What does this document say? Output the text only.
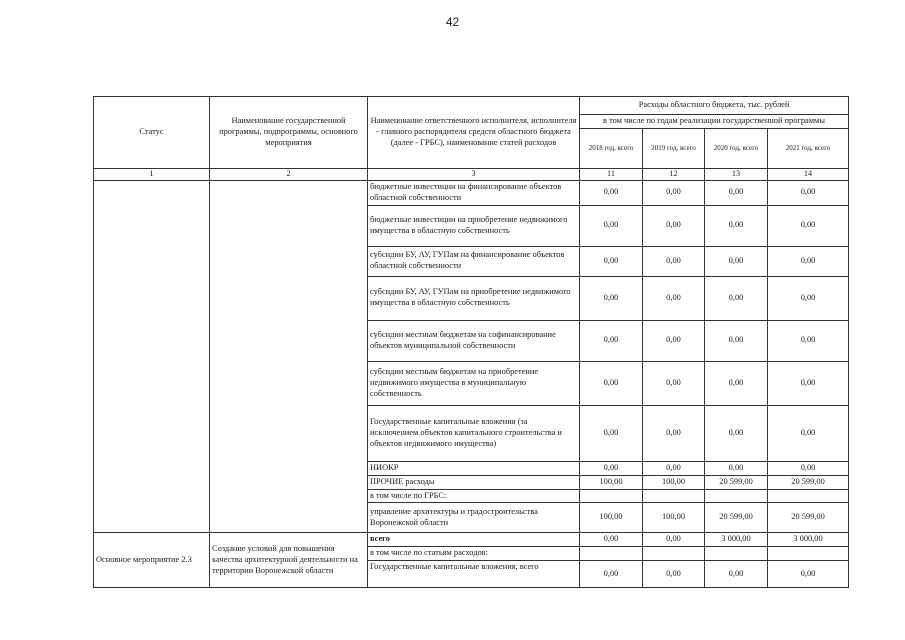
42
Статус	Наименование государственной программы, подпрограммы, основного мероприятия	Наименование ответственного исполнителя, исполнителя - главного распорядителя средств областного бюджета (далее - ГРБС), наименование статей расходов	Расходы областного бюджета, тыс. рублей			
			в том числе по годам реализации государственной программы			
			2018 год, всего	2019 год, всего	2020 год, всего	2021 год, всего
1	2	3	11	12	13	14
		бюджетные инвестиции на финансирование объектов областной собственности	0,00	0,00	0,00	0,00
		бюджетные инвестиции на приобретение недвижимого имущества в областную собственность	0,00	0,00	0,00	0,00
		субсидии БУ, АУ, ГУПам на финансирование объектов областной собственности	0,00	0,00	0,00	0,00
		субсидии БУ, АУ, ГУПам на приобретение недвижимого имущества в областную собственность	0,00	0,00	0,00	0,00
		субсидии местным бюджетам на софинансирование объектов муниципальной собственности	0,00	0,00	0,00	0,00
		субсидии местным бюджетам на приобретение недвижимого имущества в муниципальную собственность	0,00	0,00	0,00	0,00
		Государственные капитальные вложения (за исключением объектов капитального строительства и объектов недвижимого имущества)	0,00	0,00	0,00	0,00
		НИОКР	0,00	0,00	0,00	0,00
		ПРОЧИЕ расходы	100,00	100,00	20 599,00	20 599,00
		в том числе по ГРБС:				
		управление архитектуры и градостроительства Воронежской области	100,00	100,00	20 599,00	20 599,00
Основное мероприятие 2.3	Создание условий для повышения качества архитектурной деятельности на территории Воронежской области	всего	0,00	0,00	3 000,00	3 000,00
		в том числе по статьям расходов:				
		Государственные капитальные вложения, всего	0,00	0,00	0,00	0,00
